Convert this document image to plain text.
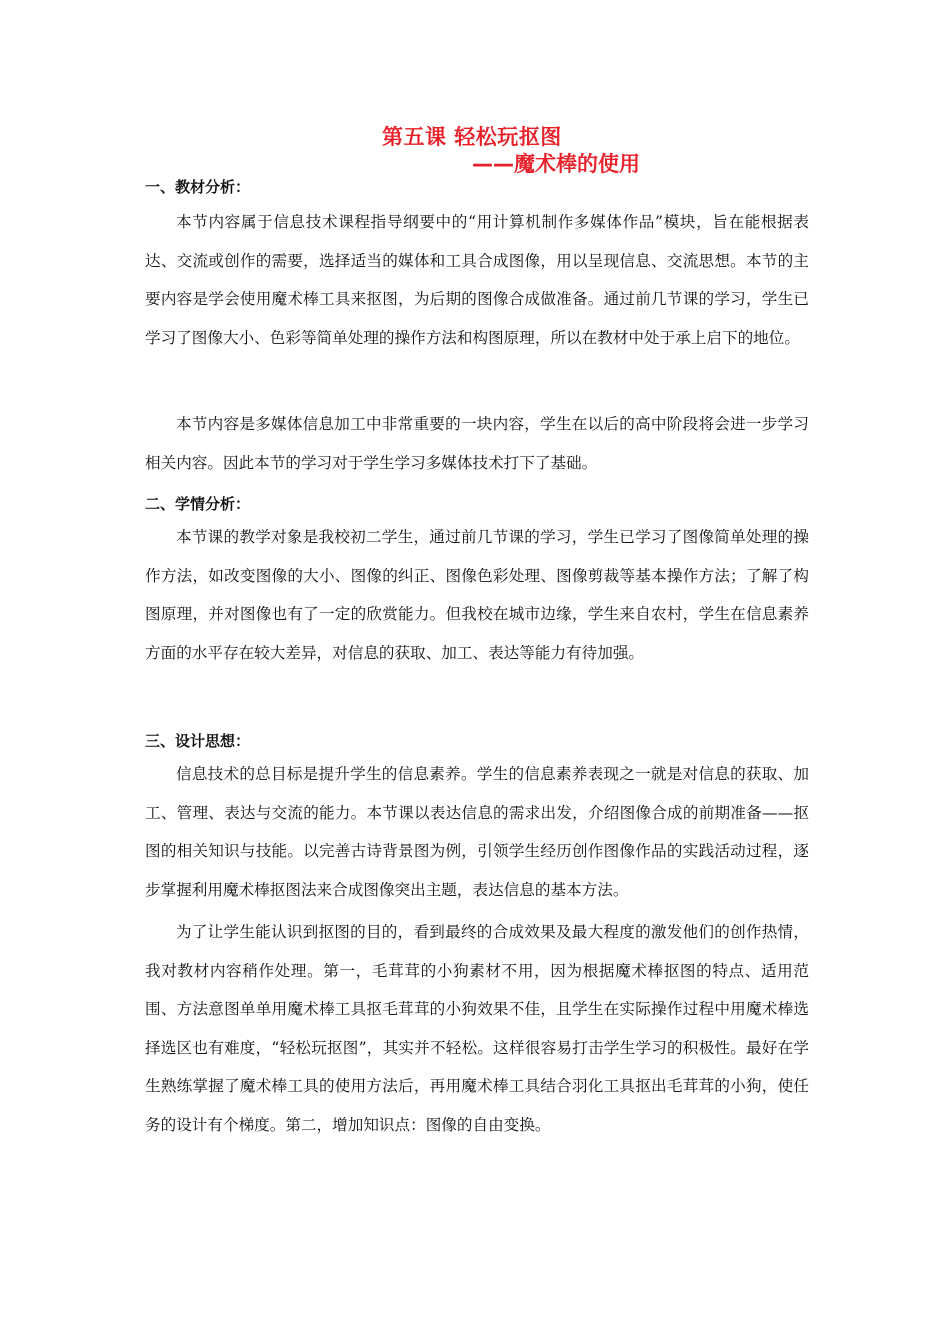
第五课 轻松玩抠图
——魔术棒的使用
一、教材分析：

本节内容属于信息技术课程指导纲要中的“用计算机制作多媒体作品”模块，旨在能根据表达、交流或创作的需要，选择适当的媒体和工具合成图像，用以呈现信息、交流思想。本节的主要内容是学会使用魔术棒工具来抠图，为后期的图像合成做准备。通过前几节课的学习，学生已学习了图像大小、色彩等简单处理的操作方法和构图原理，所以在教材中处于承上启下的地位。

本节内容是多媒体信息加工中非常重要的一块内容，学生在以后的高中阶段将会进一步学习相关内容。因此本节的学习对于学生学习多媒体技术打下了基础。

二、学情分析：

本节课的教学对象是我校初二学生，通过前几节课的学习，学生已学习了图像简单处理的操作方法，如改变图像的大小、图像的纠正、图像色彩处理、图像剪裁等基本操作方法；了解了构图原理，并对图像也有了一定的欣赏能力。但我校在城市边缘，学生来自农村，学生在信息素养方面的水平存在较大差异，对信息的获取、加工、表达等能力有待加强。

三、设计思想：

信息技术的总目标是提升学生的信息素养。学生的信息素养表现之一就是对信息的获取、加工、管理、表达与交流的能力。本节课以表达信息的需求出发，介绍图像合成的前期准备——抠图的相关知识与技能。以完善古诗背景图为例，引领学生经历创作图像作品的实践活动过程，逐步掌握利用魔术棒抠图法来合成图像突出主题，表达信息的基本方法。

为了让学生能认识到抠图的目的，看到最终的合成效果及最大程度的激发他们的创作热情，我对教材内容稍作处理。第一，毛茸茸的小狗素材不用，因为根据魔术棒抠图的特点、适用范围、方法意图单单用魔术棒工具抠毛茸茸的小狗效果不佳，且学生在实际操作过程中用魔术棒选择选区也有难度，“轻松玩抠图”，其实并不轻松。这样很容易打击学生学习的积极性。最好在学生熟练掌握了魔术棒工具的使用方法后，再用魔术棒工具结合羽化工具抠出毛茸茸的小狗，使任务的设计有个梯度。第二，增加知识点：图像的自由变换。
